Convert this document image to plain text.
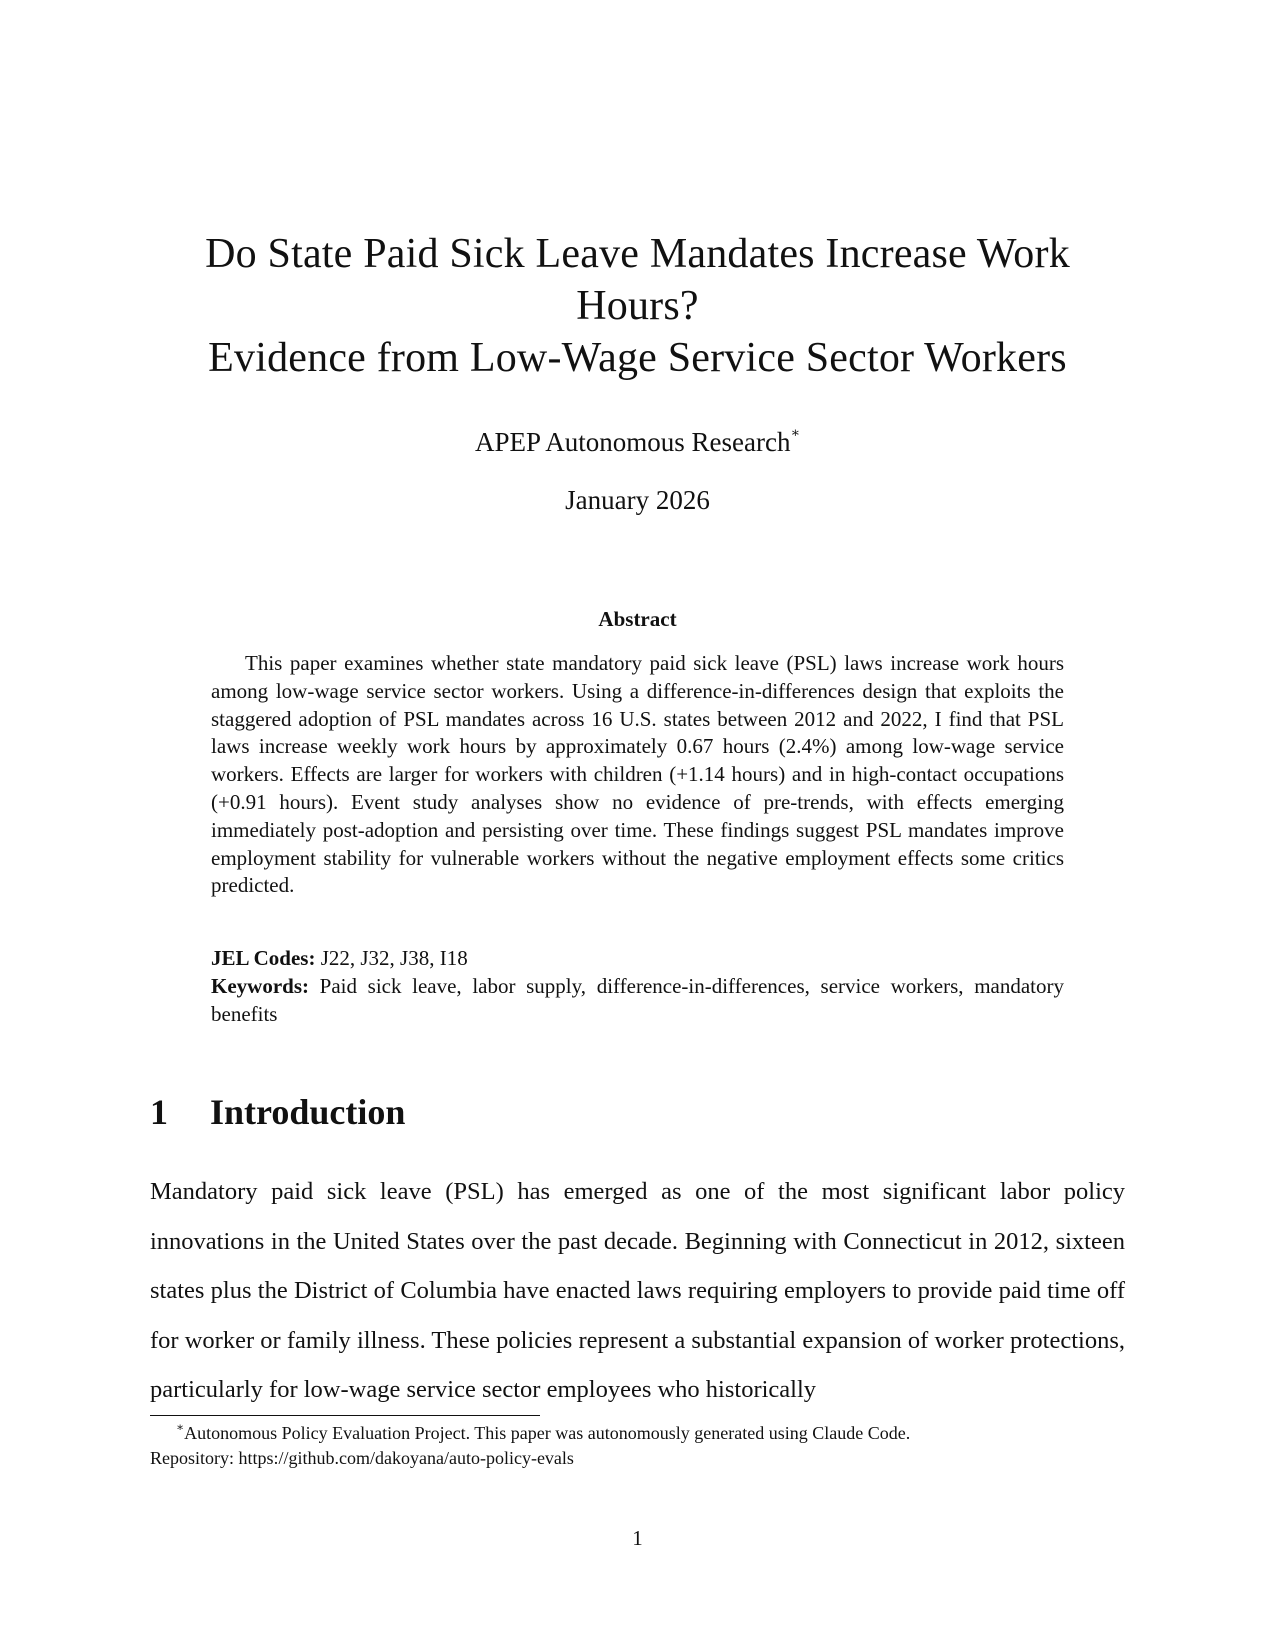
Do State Paid Sick Leave Mandates Increase Work
Hours?
Evidence from Low-Wage Service Sector Workers
APEP Autonomous Research∗
January 2026
Abstract
This paper examines whether state mandatory paid sick leave (PSL) laws increase work hours among low-wage service sector workers. Using a difference-in-differences design that exploits the staggered adoption of PSL mandates across 16 U.S. states between 2012 and 2022, I find that PSL laws increase weekly work hours by approximately 0.67 hours (2.4%) among low-wage service workers. Effects are larger for workers with children (+1.14 hours) and in high-contact occupations (+0.91 hours). Event study analyses show no evidence of pre-trends, with effects emerging immediately post-adoption and persisting over time. These findings suggest PSL mandates improve employment stability for vulnerable workers without the negative employment effects some critics predicted.
JEL Codes: J22, J32, J38, I18
Keywords: Paid sick leave, labor supply, difference-in-differences, service workers, mandatory benefits
1 Introduction
Mandatory paid sick leave (PSL) has emerged as one of the most significant labor policy innovations in the United States over the past decade. Beginning with Connecticut in 2012, sixteen states plus the District of Columbia have enacted laws requiring employers to provide paid time off for worker or family illness. These policies represent a substantial expansion of worker protections, particularly for low-wage service sector employees who historically
∗Autonomous Policy Evaluation Project. This paper was autonomously generated using Claude Code.
Repository: https://github.com/dakoyana/auto-policy-evals
1
